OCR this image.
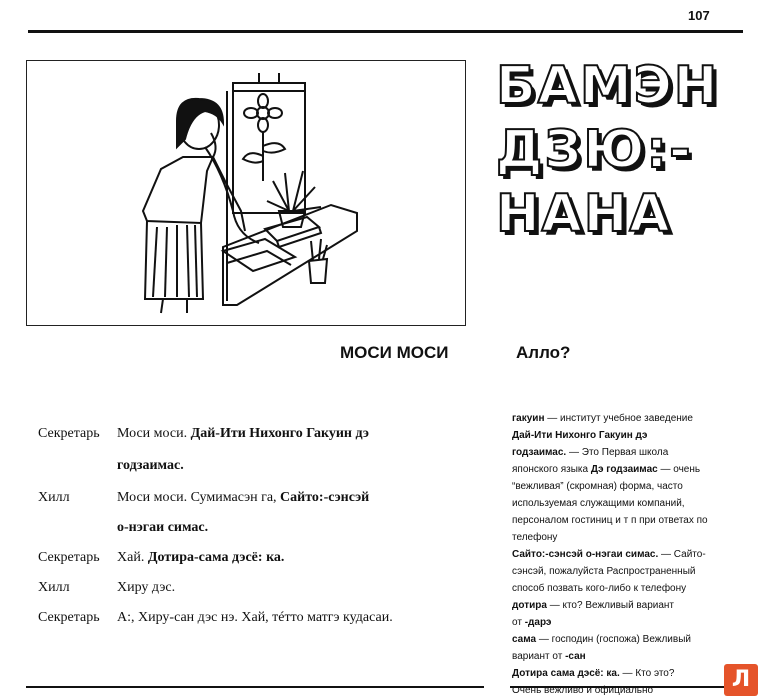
107
БАМЭН
ДЗЮ:-
НАНА
МОСИ МОСИ	Алло?
Секретарь Моси моси. Дай-Ити Нихонго Гакуин дэ
годзаимас.
Хилл	Моси моси. Сумимасэн га, Сайто:-сэнсэй
о-нэгаи симас.
Секретарь Хай. Дотира-сама дэсё: ка.
Хилл	Хиру дэс.
Секретарь А:, Хиру-сан дэс нэ. Хай, тéтто матгэ кудасаи.
гакуин — институт учебное заведение
Дай-Ити Нихонго Гакуин дэ
годзаимас. — Это Первая школа
японского языка Дэ годзаимас — очень
“вежливая” (скромная) форма, часто
используемая служащими компаний,
персоналом гостиниц и т п при ответах по
телефону
Сайто:-сэнсэй о-нэгаи симас. — Сайто-
сэнсэй, пожалуйста Распространенный
способ позвать кого-либо к телефону
дотира — кто? Вежливый вариант
от -дарэ
сама — господин (госпожа) Вежливый
вариант от -сан
Дотира сама дэсё: ка. — Кто это?
Очень вежливо и официально	Л
